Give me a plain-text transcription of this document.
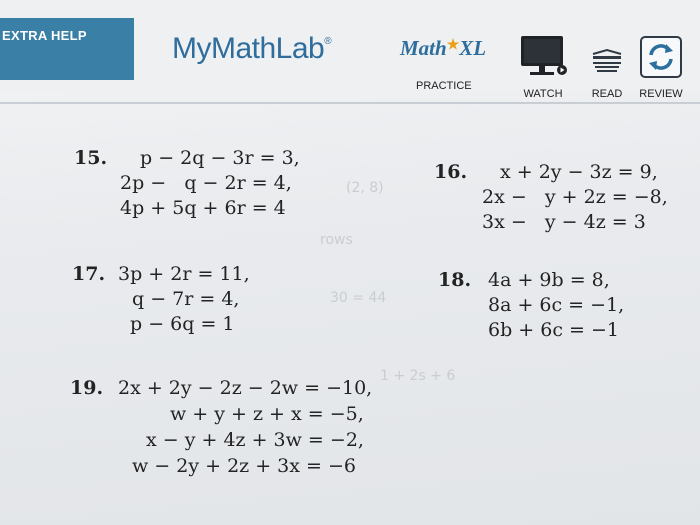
EXTRA HELP	MyMathLab®	Math★XL
PRACTICE
WATCH	READ	REVIEW
(2, 8)
rows
30 = 44
1 + 2s + 6
15. p − 2q − 3r = 3,
2p −   q − 2r = 4,
4p + 5q + 6r = 4
16. x + 2y − 3z = 9,
2x −   y + 2z = −8,
3x −   y − 4z = 3
17. 3p + 2r = 11,
q − 7r = 4,
p − 6q = 1
18. 4a + 9b = 8,
8a + 6c = −1,
6b + 6c = −1
19. 2x + 2y − 2z − 2w = −10,
w + y + z + x = −5,
x − y + 4z + 3w = −2,
w − 2y + 2z + 3x = −6
